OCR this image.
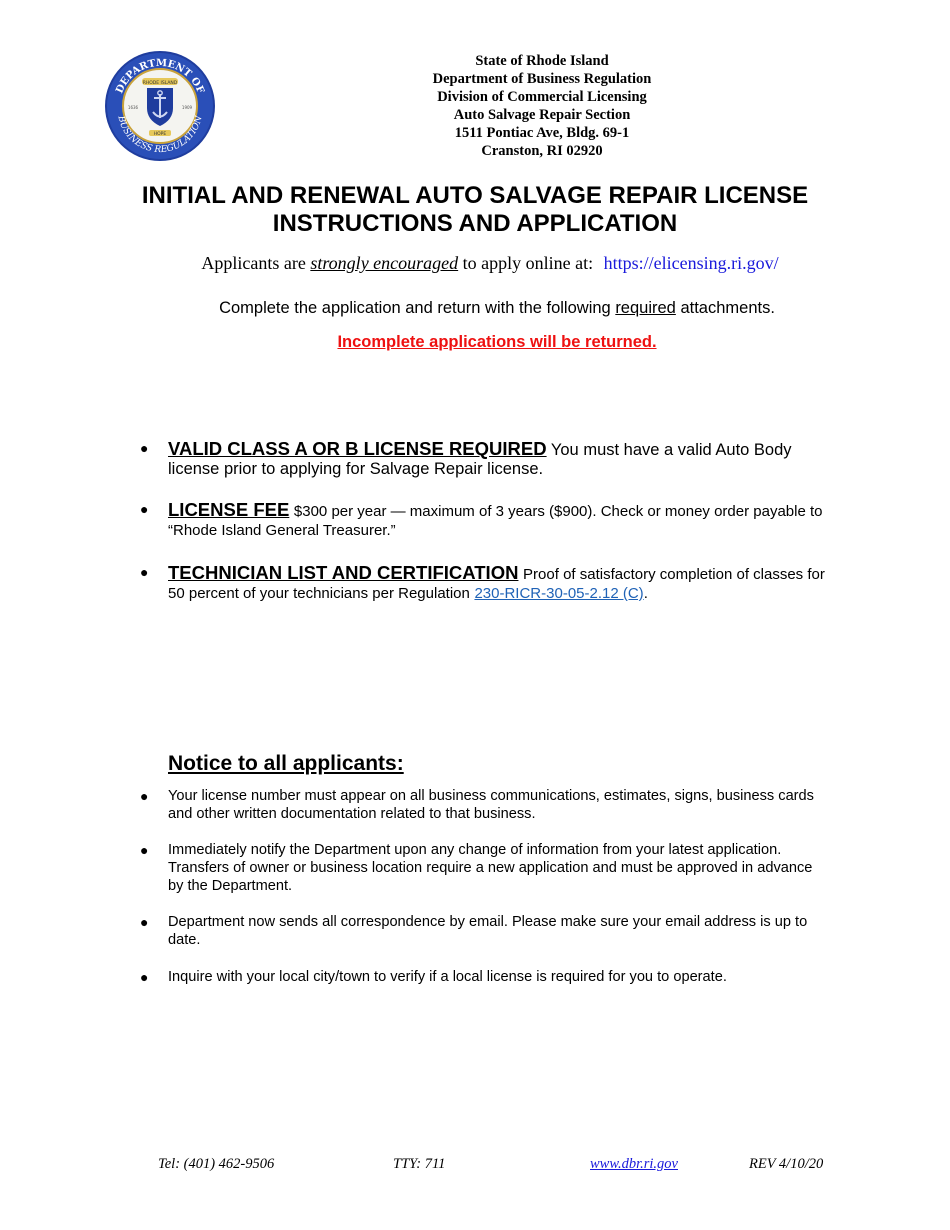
DEPARTMENT OF
BUSINESS REGULATION
RHODE ISLAND
1636	1909
HOPE
State of Rhode Island
Department of Business Regulation
Division of Commercial Licensing
Auto Salvage Repair Section
1511 Pontiac Ave, Bldg. 69-1
Cranston, RI 02920
INITIAL AND RENEWAL AUTO SALVAGE REPAIR LICENSE
INSTRUCTIONS AND APPLICATION
Applicants are strongly encouraged to apply online at: https://elicensing.ri.gov/
Complete the application and return with the following required attachments.
Incomplete applications will be returned.
● VALID CLASS A OR B LICENSE REQUIRED You must have a valid Auto Body license prior to applying for Salvage Repair license.
● LICENSE FEE $300 per year — maximum of 3 years ($900). Check or money order payable to “Rhode Island General Treasurer.”
● TECHNICIAN LIST AND CERTIFICATION Proof of satisfactory completion of classes for 50 percent of your technicians per Regulation 230-RICR-30-05-2.12 (C).
Notice to all applicants:
● Your license number must appear on all business communications, estimates, signs, business cards and other written documentation related to that business.
● Immediately notify the Department upon any change of information from your latest application. Transfers of owner or business location require a new application and must be approved in advance by the Department.
● Department now sends all correspondence by email. Please make sure your email address is up to date.
● Inquire with your local city/town to verify if a local license is required for you to operate.
Tel: (401) 462-9506	TTY: 711	www.dbr.ri.gov	REV 4/10/20
